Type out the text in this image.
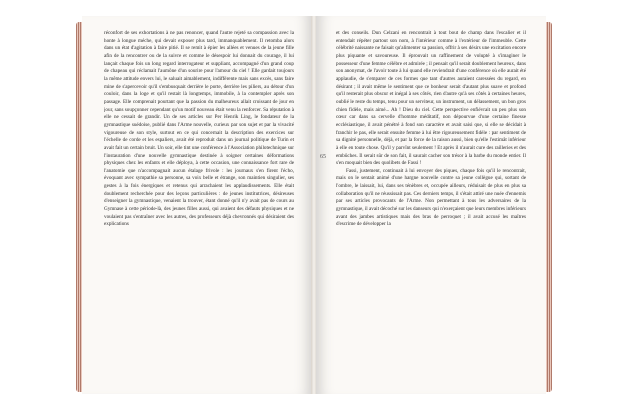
réconfort de ses exhortations à ne pas renoncer, quand l'autre rejeté sa compassion avec la honte à longue méche, qui devait exposer plus tard, immanquablement. Il retomba alors dans un état d'agitation à faire pitié. Il se remit à épier les allées et venues de la jeune fille afin de la rencontrer ou de la suivre et comme le désespoir lui donnait du courage, il lui lançait chaque fois un long regard interrogateur et suppliant, accompagné d'un grand coup de chapeau qui réclamait l'aumône d'un sourire pour l'amour du ciel ! Elle gardait toujours la même attitude envers lui, le saluait aimablement, indifférente mais sans excès, sans faire mine de s'apercevoir qu'il s'embusquait derrière le porte, derrière les piliers, au détour d'un couloir, dans la loge et qu'il restait là longtemps, immobile, à la contempler après son passage. Elle comprenait pourtant que la passion du malheureux allait croissant de jour en jour, sans soupçonner cependant qu'un motif nouveau était venu la renforcer. Sa réputation à elle ne cessait de grandir. Un de ses articles sur Per Henrik Ling, le fondateur de la gymnastique suédoise, publié dans l'Arme nouvelle, curieux par son sujet et par la vivacité vigoureuse de son style, surtout en ce qui concernait la description des exercices sur l'échelle de corde et les espaliers, avait été reproduit dans un journal politique de Turin et avait fait un certain bruit. Un soir, elle tint une conférence à l'Association philotechnique sur l'instauration d'une nouvelle gymnastique destinée à soigner certaines déformations physiques chez les enfants et elle déploya, à cette occasion, une connaissance fort rare de l'anatomie que n'accompagnait aucun étalage frivole : les journaux s'en firent l'écho, évoquant avec sympathie sa personne, sa voix belle et étrange, son maintien singulier, ses gestes à la fois énergiques et retenus qui arrachaient les applaudissements. Elle était doublement recherchée pour des leçons particulières : de jeunes institutrices, désireuses d'enseigner la gymnastique, venaient la trouver, étant donné qu'il n'y avait pas de cours au Gymnase à cette période-là, des jeunes filles aussi, qui avaient des défauts physiques et ne voulaient pas s'entraîner avec les autres, des professeurs déjà chevronnés qui désiraient des explications

65

et des conseils. Dun Celzani en rencontrait à tout bout de champ dans l'escalier et il entendait répéter partout son nom, à l'intérieur comme à l'extérieur de l'immeuble. Cette célébrité naissante ne faisait qu'alimenter sa passion, offrir à ses désirs une excitation encore plus piquante et savoureuse. Il éprouvait un raffinement de volupté à s'imaginer le possesseur d'une femme célèbre et admirée ; il pensait qu'il serait doublement heureux, dans son anonymat, de l'avoir toute à lui quand elle reviendrait d'une conférence où elle aurait été applaudie, de s'emparer de ces formes que tant d'autres auraient caressées du regard, en désirant ; il avait même le sentiment que ce bonheur serait d'autant plus suave et profond qu'il resterait plus obscur et inégal à ses côtés, rien d'autre qu'à ses côtés à certaines heures, oublié le reste du temps, tenu pour un serviteur, un instrument, un délassement, un bon gros chien fidèle, mais aimé... Ah ! Dieu du ciel. Cette perspective enfiévrait un peu plus son cœur car dans sa cervelle d'homme méditatif, non dépourvue d'une certaine finesse ecclésiastique, il avait pénétré à fond son caractère et avait saisi que, si elle se décidait à franchir le pas, elle serait ensuite femme à lui être rigoureusement fidèle : par sentiment de sa dignité personnelle, déjà, et par la force de la raison aussi, bien qu'elle l'estimât inférieur à elle en toute chose. Qu'il y parvînt seulement ! Et après il n'aurait cure des railleries et des embûches. Il serait sûr de son fait, il saurait cacher son trésor à la barbe du monde entier. Il s'en moquait bien des quolibets de Fassi !

Fassi, justement, continuait à lui envoyer des piques, chaque fois qu'il le rencontrait, mais on le sentait animé d'une hargne nouvelle contre sa jeune collègue qui, sortant de l'ombre, le laissait, lui, dans ses ténèbres et, occupée ailleurs, réduisait de plus en plus sa collaboration qu'il ne réussissait pas. Ces derniers temps, il s'était attiré une nuée d'ennemis par ses articles provocants de l'Arme. Non permettant à tous les adversaires de la gymnastique, il avait décoché sur les danseurs qui n'exerçaient que leurs membres inférieurs avant des jambes artistiques mais des bras de perroquet ; il avait accusé les maîtres d'escrime de développer la
